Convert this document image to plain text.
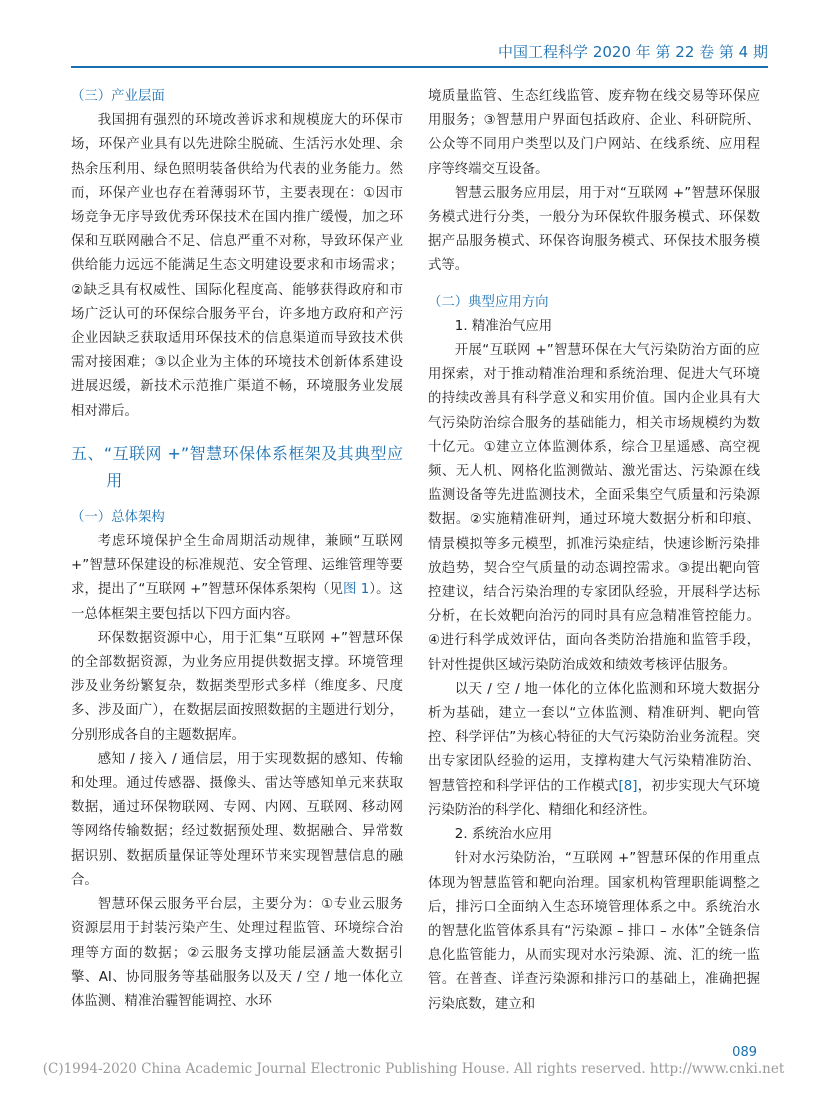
中国工程科学 2020 年 第 22 卷 第 4 期
（三）产业层面

我国拥有强烈的环境改善诉求和规模庞大的环保市场，环保产业具有以先进除尘脱硫、生活污水处理、余热余压利用、绿色照明装备供给为代表的业务能力。然而，环保产业也存在着薄弱环节，主要表现在：①因市场竞争无序导致优秀环保技术在国内推广缓慢，加之环保和互联网融合不足、信息严重不对称，导致环保产业供给能力远远不能满足生态文明建设要求和市场需求；②缺乏具有权威性、国际化程度高、能够获得政府和市场广泛认可的环保综合服务平台，许多地方政府和产污企业因缺乏获取适用环保技术的信息渠道而导致技术供需对接困难；③以企业为主体的环境技术创新体系建设进展迟缓，新技术示范推广渠道不畅，环境服务业发展相对滞后。

五、“互联网 +”智慧环保体系框架及其典型应用
（一）总体架构

考虑环境保护全生命周期活动规律，兼顾“互联网 +”智慧环保建设的标准规范、安全管理、运维管理等要求，提出了“互联网 +”智慧环保体系架构（见图 1）。这一总体框架主要包括以下四方面内容。

环保数据资源中心，用于汇集“互联网 +”智慧环保的全部数据资源，为业务应用提供数据支撑。环境管理涉及业务纷繁复杂，数据类型形式多样（维度多、尺度多、涉及面广），在数据层面按照数据的主题进行划分，分别形成各自的主题数据库。

感知 / 接入 / 通信层，用于实现数据的感知、传输和处理。通过传感器、摄像头、雷达等感知单元来获取数据，通过环保物联网、专网、内网、互联网、移动网等网络传输数据；经过数据预处理、数据融合、异常数据识别、数据质量保证等处理环节来实现智慧信息的融合。

智慧环保云服务平台层，主要分为：①专业云服务资源层用于封装污染产生、处理过程监管、环境综合治理等方面的数据；②云服务支撑功能层涵盖大数据引擎、AI、协同服务等基础服务以及天 / 空 / 地一体化立体监测、精准治霾智能调控、水环

境质量监管、生态红线监管、废弃物在线交易等环保应用服务；③智慧用户界面包括政府、企业、科研院所、公众等不同用户类型以及门户网站、在线系统、应用程序等终端交互设备。

智慧云服务应用层，用于对“互联网 +”智慧环保服务模式进行分类，一般分为环保软件服务模式、环保数据产品服务模式、环保咨询服务模式、环保技术服务模式等。

（二）典型应用方向

1. 精准治气应用

开展“互联网 +”智慧环保在大气污染防治方面的应用探索，对于推动精准治理和系统治理、促进大气环境的持续改善具有科学意义和实用价值。国内企业具有大气污染防治综合服务的基础能力，相关市场规模约为数十亿元。①建立立体监测体系，综合卫星遥感、高空视频、无人机、网格化监测微站、激光雷达、污染源在线监测设备等先进监测技术，全面采集空气质量和污染源数据。②实施精准研判，通过环境大数据分析和印痕、情景模拟等多元模型，抓准污染症结，快速诊断污染排放趋势，契合空气质量的动态调控需求。③提出靶向管控建议，结合污染治理的专家团队经验，开展科学达标分析，在长效靶向治污的同时具有应急精准管控能力。④进行科学成效评估，面向各类防治措施和监管手段，针对性提供区域污染防治成效和绩效考核评估服务。

以天 / 空 / 地一体化的立体化监测和环境大数据分析为基础，建立一套以“立体监测、精准研判、靶向管控、科学评估”为核心特征的大气污染防治业务流程。突出专家团队经验的运用，支撑构建大气污染精准防治、智慧管控和科学评估的工作模式[8]，初步实现大气环境污染防治的科学化、精细化和经济性。

2. 系统治水应用

针对水污染防治，“互联网 +”智慧环保的作用重点体现为智慧监管和靶向治理。国家机构管理职能调整之后，排污口全面纳入生态环境管理体系之中。系统治水的智慧化监管体系具有“污染源 – 排口 – 水体”全链条信息化监管能力，从而实现对水污染源、流、汇的统一监管。在普查、详查污染源和排污口的基础上，准确把握污染底数，建立和

089
(C)1994-2020 China Academic Journal Electronic Publishing House. All rights reserved. http://www.cnki.net
